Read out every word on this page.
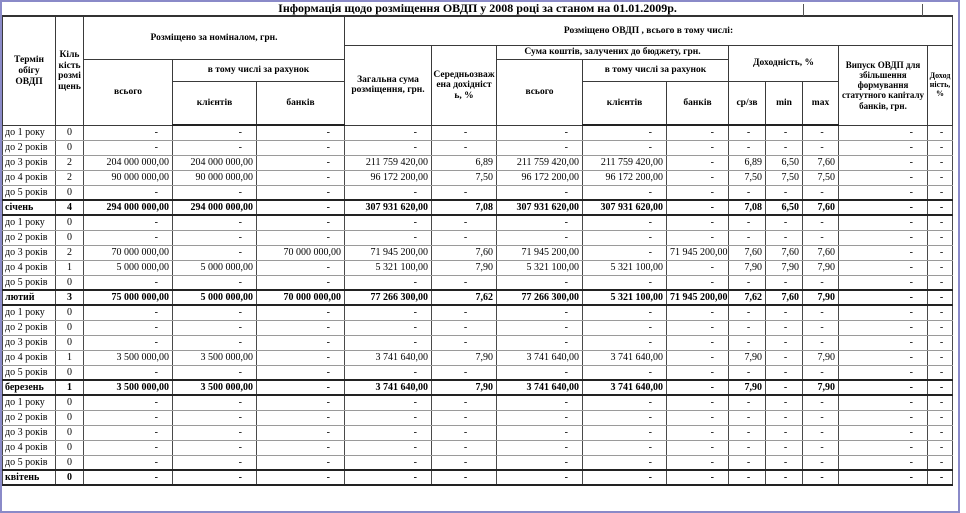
Інформація щодо розміщення ОВДП у 2008 році за станом на 01.01.2009р.														
Термін обігу ОВДП	Кількість розміщень	Розміщено за номіналом, грн.			Розміщено ОВДП , всього в тому числі:									
					Загальна сума розміщення, грн.	Середньозважена дохідність, %	Сума коштів, залучених до бюджету, грн.			Доходність, %			Випуск ОВДП для збільшення формування статутного капіталу банків, грн.	Доходність, %
		всього	в тому числі за рахунок				всього	в тому числі за рахунок						
			клієнтів	банків				клієнтів	банків	ср/зв	min	max		
до 1 року	0	-	-	-	-	-	-	-	-	-	-	-	-	-
до 2 років	0	-	-	-	-	-	-	-	-	-	-	-	-	-
до 3 років	2	204 000 000,00	204 000 000,00	-	211 759 420,00	6,89	211 759 420,00	211 759 420,00	-	6,89	6,50	7,60	-	-
до 4 років	2	90 000 000,00	90 000 000,00	-	96 172 200,00	7,50	96 172 200,00	96 172 200,00	-	7,50	7,50	7,50	-	-
до 5 років	0	-	-	-	-	-	-	-	-	-	-	-	-	-
січень	4	294 000 000,00	294 000 000,00	-	307 931 620,00	7,08	307 931 620,00	307 931 620,00	-	7,08	6,50	7,60	-	-
до 1 року	0	-	-	-	-	-	-	-	-	-	-	-	-	-
до 2 років	0	-	-	-	-	-	-	-	-	-	-	-	-	-
до 3 років	2	70 000 000,00	-	70 000 000,00	71 945 200,00	7,60	71 945 200,00	-	71 945 200,00	7,60	7,60	7,60	-	-
до 4 років	1	5 000 000,00	5 000 000,00	-	5 321 100,00	7,90	5 321 100,00	5 321 100,00	-	7,90	7,90	7,90	-	-
до 5 років	0	-	-	-	-	-	-	-	-	-	-	-	-	-
лютий	3	75 000 000,00	5 000 000,00	70 000 000,00	77 266 300,00	7,62	77 266 300,00	5 321 100,00	71 945 200,00	7,62	7,60	7,90	-	-
до 1 року	0	-	-	-	-	-	-	-	-	-	-	-	-	-
до 2 років	0	-	-	-	-	-	-	-	-	-	-	-	-	-
до 3 років	0	-	-	-	-	-	-	-	-	-	-	-	-	-
до 4 років	1	3 500 000,00	3 500 000,00	-	3 741 640,00	7,90	3 741 640,00	3 741 640,00	-	7,90	-	7,90	-	-
до 5 років	0	-	-	-	-	-	-	-	-	-	-	-	-	-
березень	1	3 500 000,00	3 500 000,00	-	3 741 640,00	7,90	3 741 640,00	3 741 640,00	-	7,90	-	7,90	-	-
до 1 року	0	-	-	-	-	-	-	-	-	-	-	-	-	-
до 2 років	0	-	-	-	-	-	-	-	-	-	-	-	-	-
до 3 років	0	-	-	-	-	-	-	-	-	-	-	-	-	-
до 4 років	0	-	-	-	-	-	-	-	-	-	-	-	-	-
до 5 років	0	-	-	-	-	-	-	-	-	-	-	-	-	-
квітень	0	-	-	-	-	-	-	-	-	-	-	-	-	-
